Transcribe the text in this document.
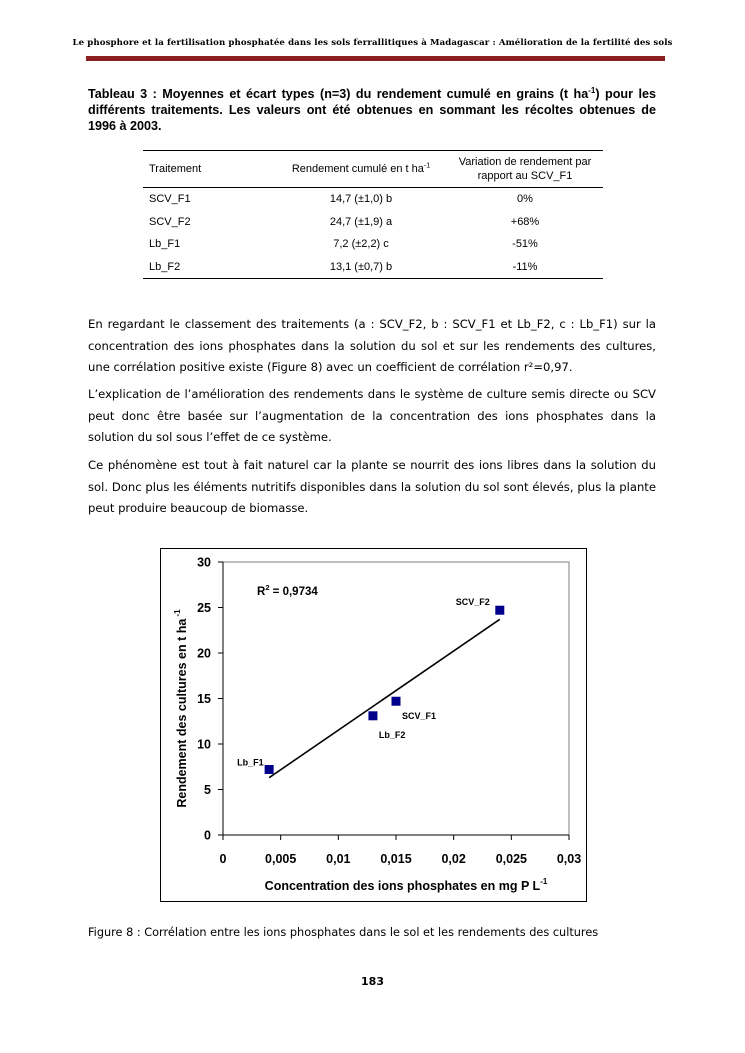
Le phosphore et la fertilisation phosphatée dans les sols ferrallitiques à Madagascar : Amélioration de la fertilité des sols
Tableau 3 : Moyennes et écart types (n=3) du rendement cumulé en grains (t $ha^{-1}$) pour les différents traitements. Les valeurs ont été obtenues en sommant les récoltes obtenues de 1996 à 2003.
Traitement	Rendement cumulé en t $ha^{-1}$	Variation de rendement par rapport au SCV_F1
SCV_F1	14,7 (±1,0) b	0%
SCV_F2	24,7 (±1,9) a	+68%
Lb_F1	7,2 (±2,2) c	-51%
Lb_F2	13,1 (±0,7) b	-11%

En regardant le classement des traitements (a : SCV_F2, b : SCV_F1 et Lb_F2, c : Lb_F1) sur la concentration des ions phosphates dans la solution du sol et sur les rendements des cultures, une corrélation positive existe (Figure 8) avec un coefficient de corrélation r²=0,97.

L’explication de l’amélioration des rendements dans le système de culture semis directe ou SCV peut donc être basée sur l’augmentation de la concentration des ions phosphates dans la solution du sol sous l’effet de ce système.

Ce phénomène est tout à fait naturel car la plante se nourrit des ions libres dans la solution du sol. Donc plus les éléments nutritifs disponibles dans la solution du sol sont élevés, plus la plante peut produire beaucoup de biomasse.

0
5
10
15
20
25
30
0	0,005 0,01 0,015 0,02 0,025 0,03
Concentration des ions phosphates en mg P $L^{-1}$
Rendement des cultures en t ha $^{-1}$
$R^2 = 0,9734$
Lb_F1
Lb_F2
SCV_F1
SCV_F2
Figure 8 : Corrélation entre les ions phosphates dans le sol et les rendements des cultures
183
